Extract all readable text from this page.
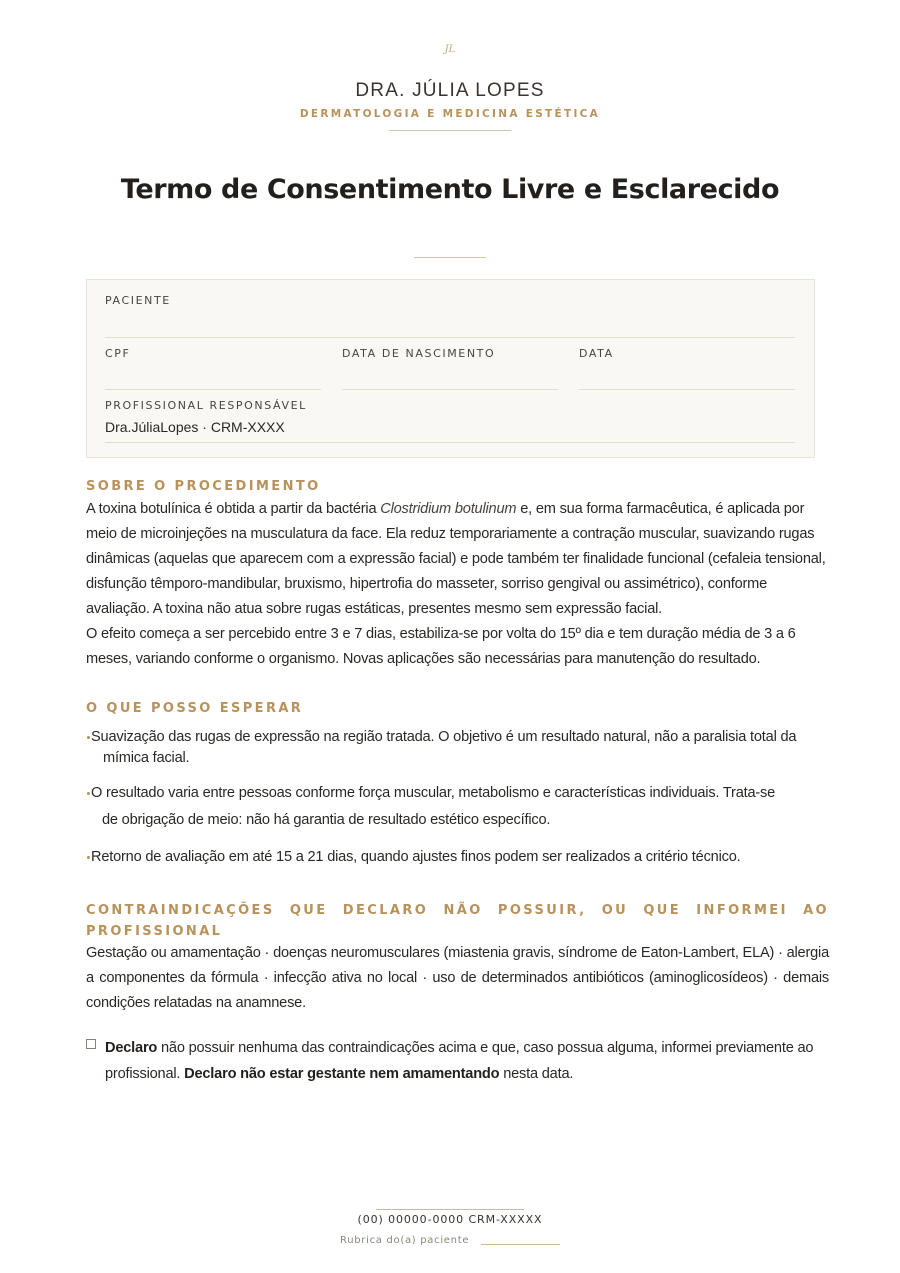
JL
DRA. JÚLIA LOPES
DERMATOLOGIA E MEDICINA ESTÉTICA
Termo de Consentimento Livre e Esclarecido
PACIENTE
CPF	DATA DE NASCIMENTO	DATA
PROFISSIONAL RESPONSÁVEL
Dra.JúliaLopes · CRM-XXXX
SOBRE O PROCEDIMENTO
A toxina botulínica é obtida a partir da bactéria Clostridium botulinum e, em sua forma farmacêutica, é aplicada por meio de microinjeções na musculatura da face. Ela reduz temporariamente a contração muscular, suavizando rugas dinâmicas (aquelas que aparecem com a expressão facial) e pode também ter finalidade funcional (cefaleia tensional, disfunção têmporo-mandibular, bruxismo, hipertrofia do masseter, sorriso gengival ou assimétrico), conforme avaliação. A toxina não atua sobre rugas estáticas, presentes mesmo sem expressão facial.
O efeito começa a ser percebido entre 3 e 7 dias, estabiliza-se por volta do 15º dia e tem duração média de 3 a 6 meses, variando conforme o organismo. Novas aplicações são necessárias para manutenção do resultado.
O QUE POSSO ESPERAR
Suavização das rugas de expressão na região tratada. O objetivo é um resultado natural, não a paralisia total da
mímica facial.
O resultado varia entre pessoas conforme força muscular, metabolismo e características individuais. Trata-se
de obrigação de meio: não há garantia de resultado estético específico.
Retorno de avaliação em até 15 a 21 dias, quando ajustes finos podem ser realizados a critério técnico.
CONTRAINDICAÇÕES QUE DECLARO NÃO POSSUIR, OU QUE INFORMEI AO PROFISSIONAL
Gestação ou amamentação · doenças neuromusculares (miastenia gravis, síndrome de Eaton-Lambert, ELA) · alergia a componentes da fórmula · infecção ativa no local · uso de determinados antibióticos (aminoglicosídeos) · demais condições relatadas na anamnese.
Declaro não possuir nenhuma das contraindicações acima e que, caso possua alguma, informei previamente ao profissional. Declaro não estar gestante nem amamentando nesta data.
(00) 00000-0000 CRM-XXXXX
Rubrica do(a) paciente
